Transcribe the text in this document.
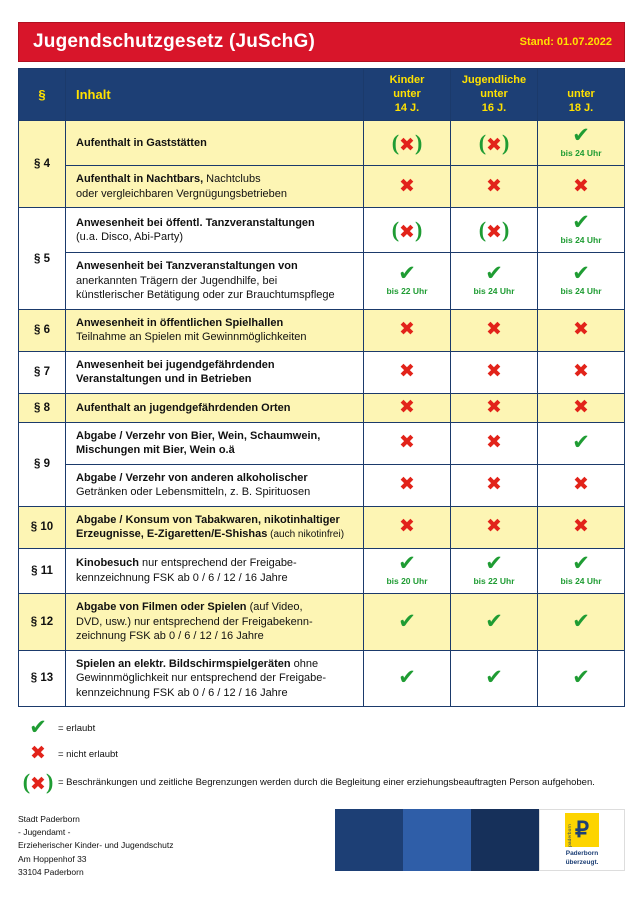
Jugendschutzgesetz (JuSchG)	Stand: 01.07.2022
§	Inhalt	Kinder
unter
14 J.	Jugendliche
unter
16 J.	unter
18 J.

§ 4	Aufenthalt in Gaststätten	(✖)	(✖)	✔
bis 24 Uhr

	Aufenthalt in Nachtbars, Nachtclubs
oder vergleichbaren Vergnügungsbetrieben	✖	✖	✖
§ 5	Anwesenheit bei öffentl. Tanzveranstaltungen
(u.a. Disco, Abi-Party)	(✖)	(✖)	✔
bis 24 Uhr

	Anwesenheit bei Tanzveranstaltungen von
anerkannten Trägern der Jugendhilfe, bei
künstlerischer Betätigung oder zur Brauchtumspflege	✔
bis 22 Uhr	✔
bis 24 Uhr	✔
bis 24 Uhr

§ 6	Anwesenheit in öffentlichen Spielhallen
Teilnahme an Spielen mit Gewinnmöglichkeiten	✖	✖	✖
§ 7	Anwesenheit bei jugendgefährdenden
Veranstaltungen und in Betrieben	✖	✖	✖
§ 8	Aufenthalt an jugendgefährdenden Orten	✖	✖	✖
§ 9	Abgabe / Verzehr von Bier, Wein, Schaumwein,
Mischungen mit Bier, Wein o.ä	✖	✖	✔
	Abgabe / Verzehr von anderen alkoholischer
Getränken oder Lebensmitteln, z. B. Spirituosen	✖	✖	✖
§ 10	Abgabe / Konsum von Tabakwaren, nikotinhaltiger
Erzeugnisse, E-Zigaretten/E-Shishas (auch nikotinfrei)	✖	✖	✖
§ 11	Kinobesuch nur entsprechend der Freigabe-
kennzeichnung FSK ab 0 / 6 / 12 / 16 Jahre	✔
bis 20 Uhr	✔
bis 22 Uhr	✔
bis 24 Uhr

§ 12	Abgabe von Filmen oder Spielen (auf Video,
DVD, usw.) nur entsprechend der Freigabekenn-
zeichnung FSK ab 0 / 6 / 12 / 16 Jahre	✔	✔	✔
§ 13	Spielen an elektr. Bildschirmspielgeräten ohne
Gewinnmöglichkeit nur entsprechend der Freigabe-
kennzeichnung FSK ab 0 / 6 / 12 / 16 Jahre	✔	✔	✔
✔	= erlaubt
✖	= nicht erlaubt
(✖) = Beschränkungen und zeitliche Begrenzungen werden durch die Begleitung einer erziehungsbeauftragten Person aufgehoben.
Stadt Paderborn
- Jugendamt -
Erzieherischer Kinder- und Jugendschutz
Am Hoppenhof 33
33104 Paderborn
₽
paderborn
Paderborn
überzeugt.
